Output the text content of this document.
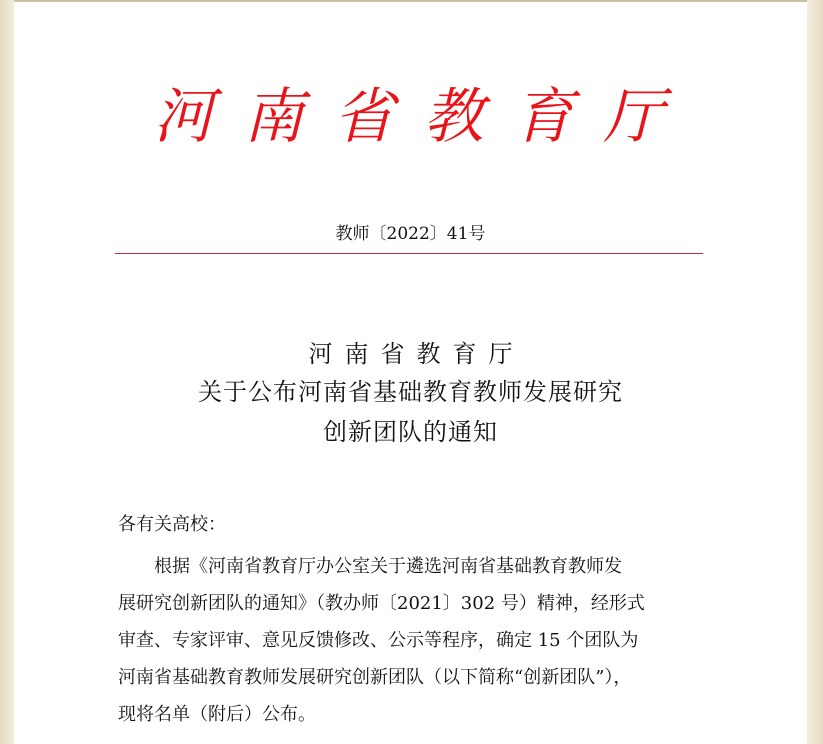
河南省教育厅
教师〔2022〕41号
河南省教育厅
关于公布河南省基础教育教师发展研究
创新团队的通知
各有关高校：
根据《河南省教育厅办公室关于遴选河南省基础教育教师发
展研究创新团队的通知》（教办师〔2021〕302 号）精神，经形式
审查、专家评审、意见反馈修改、公示等程序，确定 15 个团队为
河南省基础教育教师发展研究创新团队（以下简称“创新团队”），
现将名单（附后）公布。
